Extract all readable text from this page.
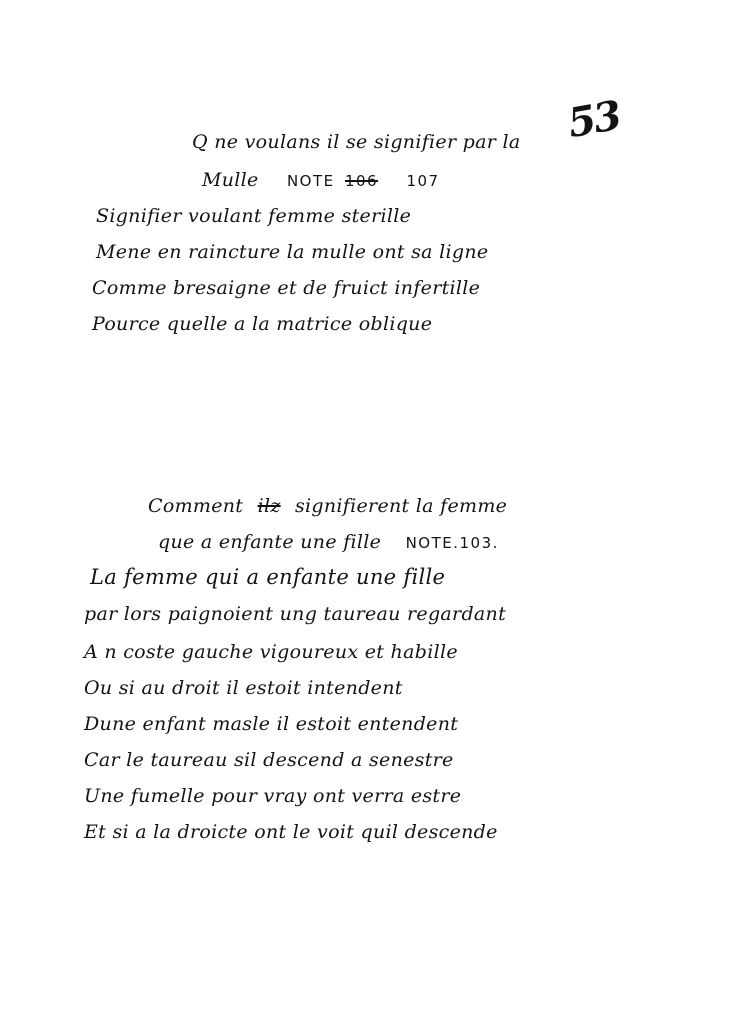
53
Q ne voulans il se signifier par la
Mulle NOTE 106 107
Signifier voulant femme sterille
Mene en raincture la mulle ont sa ligne
Comme bresaigne et de fruict infertille
Pource quelle a la matrice oblique
Comment ilz signifierent la femme
que a enfante une fille NOTE.103.
La femme qui a enfante une fille
par lors paignoient ung taureau regardant
A n coste gauche vigoureux et habille
Ou si au droit il estoit intendent
Dune enfant masle il estoit entendent
Car le taureau sil descend a senestre
Une fumelle pour vray ont verra estre
Et si a la droicte ont le voit quil descende
